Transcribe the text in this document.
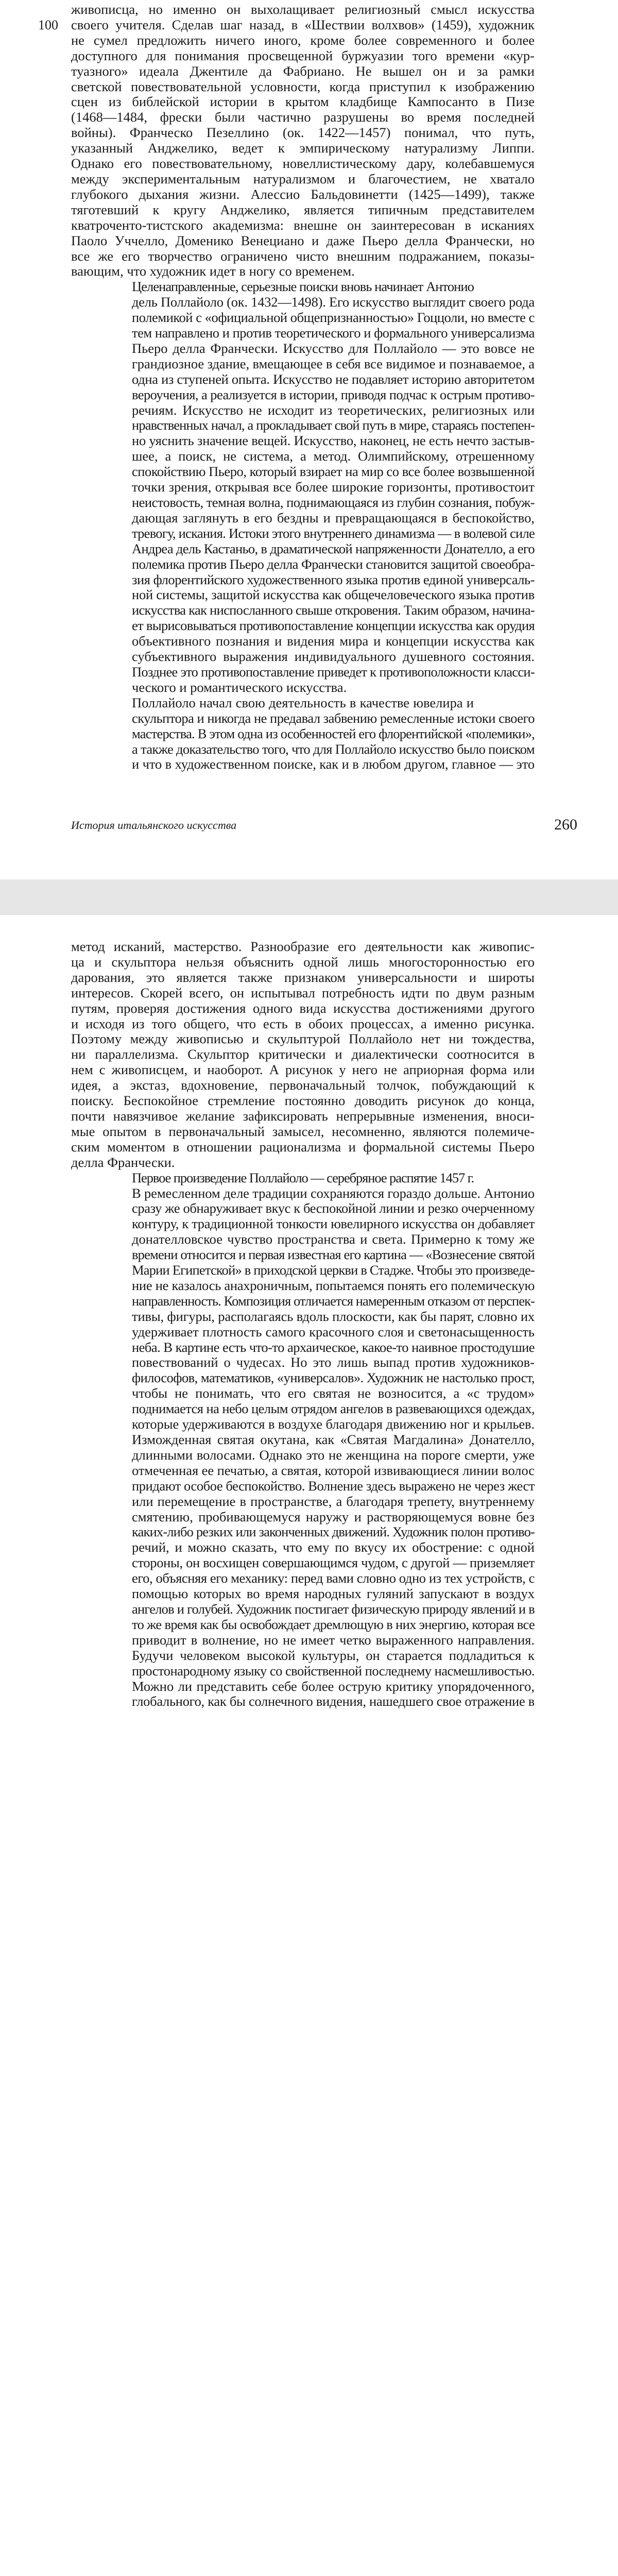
100

живописца, но именно он выхолащивает религиозный смысл искусства
своего учителя. Сделав шаг назад, в «Шествии волхвов» (1459), художник
не сумел предложить ничего иного, кроме более современного и более
доступного для понимания просвещенной буржуазии того времени «кур-
туазного» идеала Джентиле да Фабриано. Не вышел он и за рамки
светской повествовательной условности, когда приступил к изображению
сцен из библейской истории в крытом кладбище Кампосанто в Пизе
(1468—1484, фрески были частично разрушены во время последней
войны). Франческо Пезеллино (ок. 1422—1457) понимал, что путь,
указанный Анджелико, ведет к эмпирическому натурализму Липпи.
Однако его повествовательному, новеллистическому дару, колебавшемуся
между экспериментальным натурализмом и благочестием, не хватало
глубокого дыхания жизни. Алессио Бальдовинетти (1425—1499), также
тяготевший к кругу Анджелико, является типичным представителем
кватроченто-тистского академизма: внешне он заинтересован в исканиях
Паоло Уччелло, Доменико Венециано и даже Пьеро делла Франчески, но
все же его творчество ограничено чисто внешним подражанием, показы-
вающим, что художник идет в ногу со временем.

Целенаправленные, серьезные поиски вновь начинает Антонио
дель Поллайоло (ок. 1432—1498). Его искусство выглядит своего рода
полемикой с «официальной общепризнанностью» Гоццоли, но вместе с
тем направлено и против теоретического и формального универсализма
Пьеро делла Франчески. Искусство для Поллайоло — это вовсе не
грандиозное здание, вмещающее в себя все видимое и познаваемое, а
одна из ступеней опыта. Искусство не подавляет историю авторитетом
вероучения, а реализуется в истории, приводя подчас к острым противо-
речиям. Искусство не исходит из теоретических, религиозных или
нравственных начал, а прокладывает свой путь в мире, стараясь постепен-
но уяснить значение вещей. Искусство, наконец, не есть нечто застыв-
шее, а поиск, не система, а метод. Олимпийскому, отрешенному
спокойствию Пьеро, который взирает на мир со все более возвышенной
точки зрения, открывая все более широкие горизонты, противостоит
неистовость, темная волна, поднимающаяся из глубин сознания, побуж-
дающая заглянуть в его бездны и превращающаяся в беспокойство,
тревогу, искания. Истоки этого внутреннего динамизма — в волевой силе
Андреа дель Кастаньо, в драматической напряженности Донателло, а его
полемика против Пьеро делла Франчески становится защитой своеобра-
зия флорентийского художественного языка против единой универсаль-
ной системы, защитой искусства как общечеловеческого языка против
искусства как ниспосланного свыше откровения. Таким образом, начина-
ет вырисовываться противопоставление концепции искусства как орудия
объективного познания и видения мира и концепции искусства как
субъективного выражения индивидуального душевного состояния.
Позднее это противопоставление приведет к противоположности класси-
ческого и романтического искусства.

Поллайоло начал свою деятельность в качестве ювелира и
скульптора и никогда не предавал забвению ремесленные истоки своего
мастерства. В этом одна из особенностей его флорентийской «полемики»,
а также доказательство того, что для Поллайоло искусство было поиском
и что в художественном поиске, как и в любом другом, главное — это

История итальянского искусства	260

метод исканий, мастерство. Разнообразие его деятельности как живопис-
ца и скульптора нельзя объяснить одной лишь многосторонностью его
дарования, это является также признаком универсальности и широты
интересов. Скорей всего, он испытывал потребность идти по двум разным
путям, проверяя достижения одного вида искусства достижениями другого
и исходя из того общего, что есть в обоих процессах, а именно рисунка.
Поэтому между живописью и скульптурой Поллайоло нет ни тождества,
ни параллелизма. Скульптор критически и диалектически соотносится в
нем с живописцем, и наоборот. А рисунок у него не априорная форма или
идея, а экстаз, вдохновение, первоначальный толчок, побуждающий к
поиску. Беспокойное стремление постоянно доводить рисунок до конца,
почти навязчивое желание зафиксировать непрерывные изменения, вноси-
мые опытом в первоначальный замысел, несомненно, являются полемиче-
ским моментом в отношении рационализма и формальной системы Пьеро
делла Франчески.

Первое произведение Поллайоло — серебряное распятие 1457 г.
В ремесленном деле традиции сохраняются гораздо дольше. Антонио
сразу же обнаруживает вкус к беспокойной линии и резко очерченному
контуру, к традиционной тонкости ювелирного искусства он добавляет
донателловское чувство пространства и света. Примерно к тому же
времени относится и первая известная его картина — «Вознесение святой
Марии Египетской» в приходской церкви в Стадже. Чтобы это произведе-
ние не казалось анахроничным, попытаемся понять его полемическую
направленность. Композиция отличается намеренным отказом от перспек-
тивы, фигуры, располагаясь вдоль плоскости, как бы парят, словно их
удерживает плотность самого красочного слоя и светонасыщенность
неба. В картине есть что-то архаическое, какое-то наивное простодушие
повествований о чудесах. Но это лишь выпад против художников-
философов, математиков, «универсалов». Художник не настолько прост,
чтобы не понимать, что его святая не возносится, а «с трудом»
поднимается на небо целым отрядом ангелов в развевающихся одеждах,
которые удерживаются в воздухе благодаря движению ног и крыльев.
Изможденная святая окутана, как «Святая Магдалина» Донателло,
длинными волосами. Однако это не женщина на пороге смерти, уже
отмеченная ее печатью, а святая, которой извивающиеся линии волос
придают особое беспокойство. Волнение здесь выражено не через жест
или перемещение в пространстве, а благодаря трепету, внутреннему
смятению, пробивающемуся наружу и растворяющемуся вовне без
каких-либо резких или законченных движений. Художник полон противо-
речий, и можно сказать, что ему по вкусу их обострение: с одной
стороны, он восхищен совершающимся чудом, с другой — приземляет
его, объясняя его механику: перед вами словно одно из тех устройств, с
помощью которых во время народных гуляний запускают в воздух
ангелов и голубей. Художник постигает физическую природу явлений и в
то же время как бы освобождает дремлющую в них энергию, которая все
приводит в волнение, но не имеет четко выраженного направления.
Будучи человеком высокой культуры, он старается подладиться к
простонародному языку со свойственной последнему насмешливостью.
Можно ли представить себе более острую критику упорядоченного,
глобального, как бы солнечного видения, нашедшего свое отражение в
